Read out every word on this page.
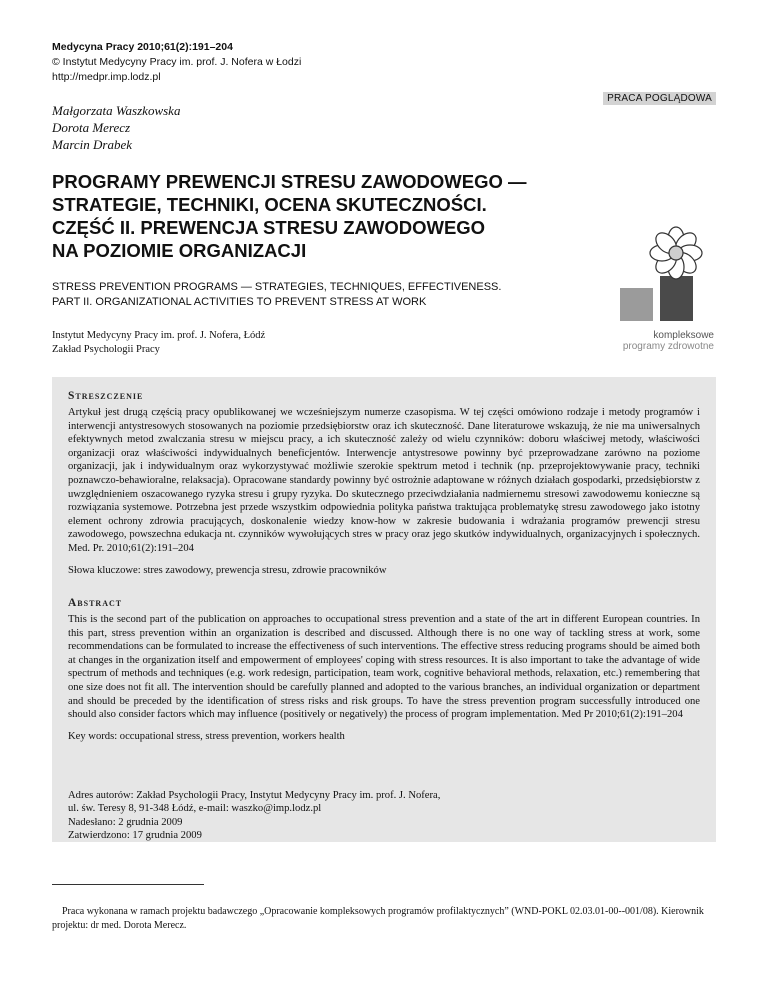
Medycyna Pracy 2010;61(2):191–204
© Instytut Medycyny Pracy im. prof. J. Nofera w Łodzi
http://medpr.imp.lodz.pl
PRACA POGLĄDOWA
Małgorzata Waszkowska
Dorota Merecz
Marcin Drabek
PROGRAMY PREWENCJI STRESU ZAWODOWEGO —
STRATEGIE, TECHNIKI, OCENA SKUTECZNOŚCI.
CZĘŚĆ II. PREWENCJA STRESU ZAWODOWEGO
NA POZIOMIE ORGANIZACJI
STRESS PREVENTION PROGRAMS — STRATEGIES, TECHNIQUES, EFFECTIVENESS.
PART II. ORGANIZATIONAL ACTIVITIES TO PREVENT STRESS AT WORK
Instytut Medycyny Pracy im. prof. J. Nofera, Łódź
Zakład Psychologii Pracy
kompleksowe
programy zdrowotne
Streszczenie

Artykuł jest drugą częścią pracy opublikowanej we wcześniejszym numerze czasopisma. W tej części omówiono rodzaje i metody programów i interwencji antystresowych stosowanych na poziomie przedsiębiorstw oraz ich skuteczność. Dane literaturowe wskazują, że nie ma uniwersalnych efektywnych metod zwalczania stresu w miejscu pracy, a ich skuteczność zależy od wielu czynników: doboru właściwej metody, właściwości organizacji oraz właściwości indywidualnych beneficjentów. Interwencje antystresowe powinny być przeprowadzane zarówno na poziome organizacji, jak i indywidualnym oraz wykorzystywać możliwie szerokie spektrum metod i technik (np. przeprojektowywanie pracy, techniki poznawczo-behawioralne, relaksacja). Opracowane standardy powinny być ostrożnie adaptowane w różnych działach gospodarki, przedsiębiorstw z uwzględnieniem oszacowanego ryzyka stresu i grupy ryzyka. Do skutecznego przeciwdziałania nadmiernemu stresowi zawodowemu konieczne są rozwiązania systemowe. Potrzebna jest przede wszystkim odpowiednia polityka państwa traktująca problematykę stresu zawodowego jako istotny element ochrony zdrowia pracujących, doskonalenie wiedzy know-how w zakresie budowania i wdrażania programów prewencji stresu zawodowego, powszechna edukacja nt. czynników wywołujących stres w pracy oraz jego skutków indywidualnych, organizacyjnych i społecznych. Med. Pr. 2010;61(2):191–204

Słowa kluczowe: stres zawodowy, prewencja stresu, zdrowie pracowników
Abstract

This is the second part of the publication on approaches to occupational stress prevention and a state of the art in different European countries. In this part, stress prevention within an organization is described and discussed. Although there is no one way of tackling stress at work, some recommendations can be formulated to increase the effectiveness of such interventions. The effective stress reducing programs should be aimed both at changes in the organization itself and empowerment of employees' coping with stress resources. It is also important to take the advantage of wide spectrum of methods and techniques (e.g. work redesign, participation, team work, cognitive behavioral methods, relaxation, etc.) remembering that one size does not fit all. The intervention should be carefully planned and adopted to the various branches, an individual organization or department and should be preceded by the identification of stress risks and risk groups. To have the stress prevention program successfully introduced one should also consider factors which may influence (positively or negatively) the process of program implementation. Med Pr 2010;61(2):191–204

Key words: occupational stress, stress prevention, workers health
Adres autorów: Zakład Psychologii Pracy, Instytut Medycyny Pracy im. prof. J. Nofera,
ul. św. Teresy 8, 91-348 Łódź, e-mail: waszko@imp.lodz.pl
Nadesłano: 2 grudnia 2009
Zatwierdzono: 17 grudnia 2009
Praca wykonana w ramach projektu badawczego „Opracowanie kompleksowych programów profilaktycznych” (WND-POKL 02.03.01-00--001/08). Kierownik projektu: dr med. Dorota Merecz.
